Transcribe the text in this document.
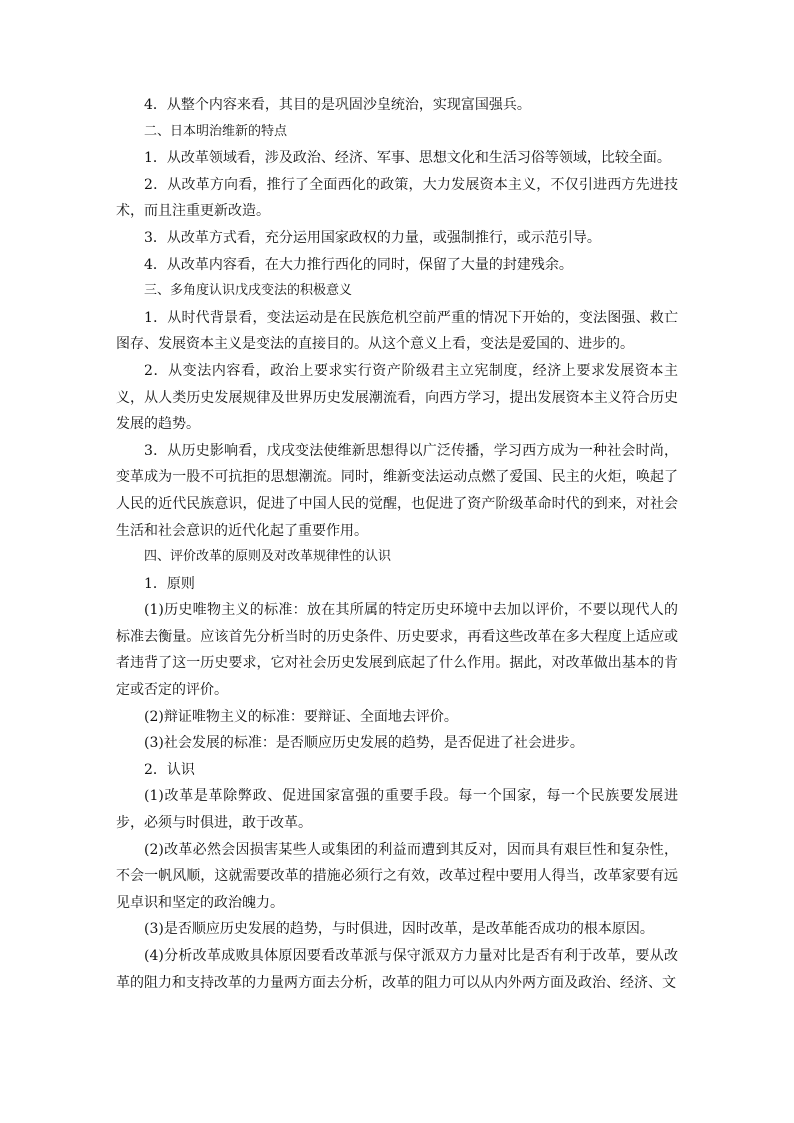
4．从整个内容来看，其目的是巩固沙皇统治，实现富国强兵。

二、日本明治维新的特点

1．从改革领域看，涉及政治、经济、军事、思想文化和生活习俗等领域，比较全面。

2．从改革方向看，推行了全面西化的政策，大力发展资本主义，不仅引进西方先进技术，而且注重更新改造。

3．从改革方式看，充分运用国家政权的力量，或强制推行，或示范引导。

4．从改革内容看，在大力推行西化的同时，保留了大量的封建残余。

三、多角度认识戊戌变法的积极意义

1．从时代背景看，变法运动是在民族危机空前严重的情况下开始的，变法图强、救亡图存、发展资本主义是变法的直接目的。从这个意义上看，变法是爱国的、进步的。

2．从变法内容看，政治上要求实行资产阶级君主立宪制度，经济上要求发展资本主义，从人类历史发展规律及世界历史发展潮流看，向西方学习，提出发展资本主义符合历史发展的趋势。

3．从历史影响看，戊戌变法使维新思想得以广泛传播，学习西方成为一种社会时尚，变革成为一股不可抗拒的思想潮流。同时，维新变法运动点燃了爱国、民主的火炬，唤起了人民的近代民族意识，促进了中国人民的觉醒，也促进了资产阶级革命时代的到来，对社会生活和社会意识的近代化起了重要作用。

四、评价改革的原则及对改革规律性的认识

1．原则

(1)历史唯物主义的标准：放在其所属的特定历史环境中去加以评价，不要以现代人的标准去衡量。应该首先分析当时的历史条件、历史要求，再看这些改革在多大程度上适应或者违背了这一历史要求，它对社会历史发展到底起了什么作用。据此，对改革做出基本的肯定或否定的评价。

(2)辩证唯物主义的标准：要辩证、全面地去评价。

(3)社会发展的标准：是否顺应历史发展的趋势，是否促进了社会进步。

2．认识

(1)改革是革除弊政、促进国家富强的重要手段。每一个国家，每一个民族要发展进步，必须与时俱进，敢于改革。

(2)改革必然会因损害某些人或集团的利益而遭到其反对，因而具有艰巨性和复杂性，不会一帆风顺，这就需要改革的措施必须行之有效，改革过程中要用人得当，改革家要有远见卓识和坚定的政治魄力。

(3)是否顺应历史发展的趋势，与时俱进，因时改革，是改革能否成功的根本原因。

(4)分析改革成败具体原因要看改革派与保守派双方力量对比是否有利于改革，要从改革的阻力和支持改革的力量两方面去分析，改革的阻力可以从内外两方面及政治、经济、文
